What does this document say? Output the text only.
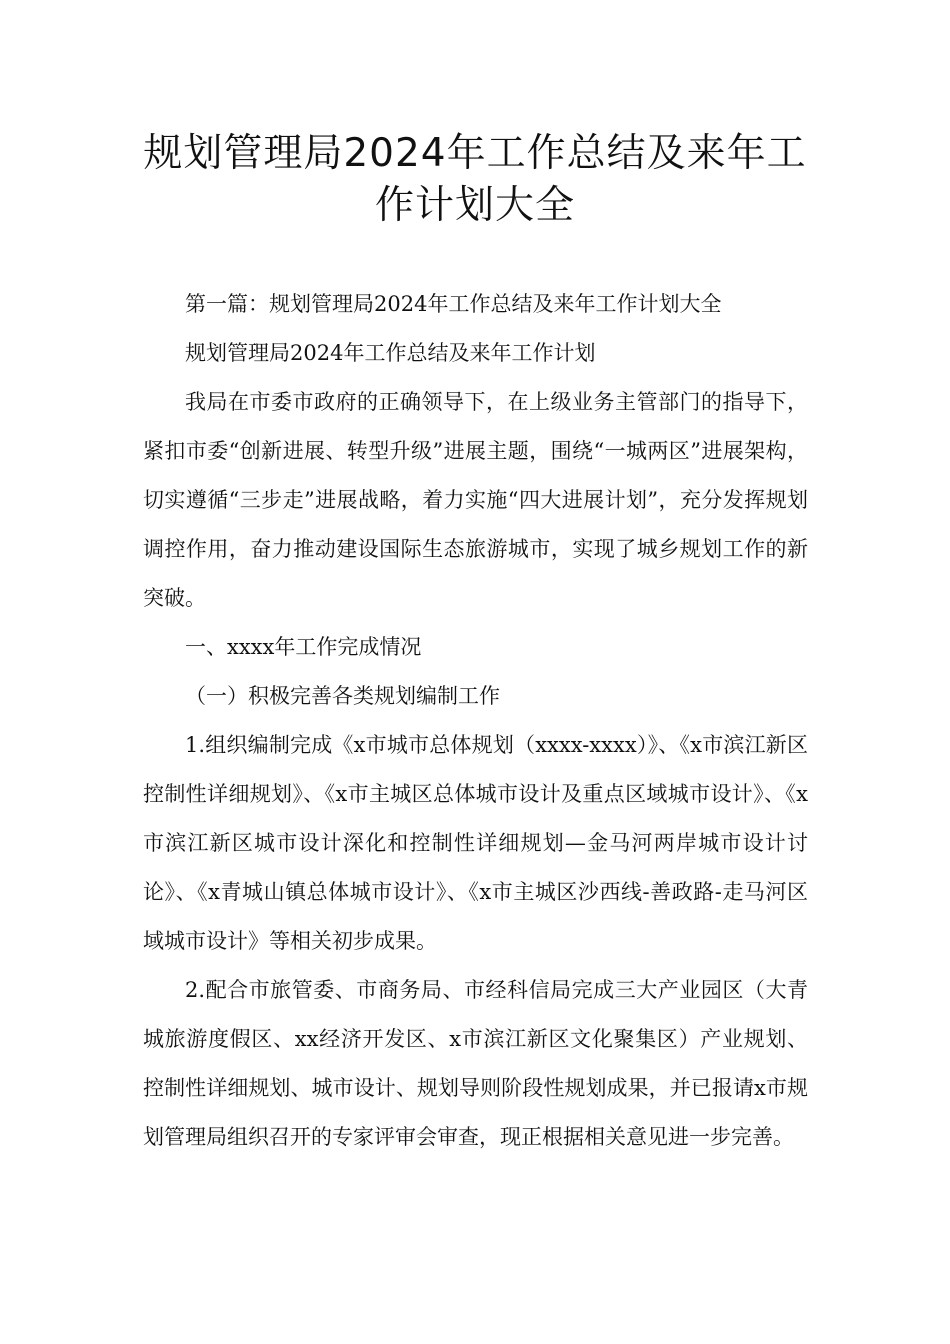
规划管理局2024年工作总结及来年工
作计划大全

第一篇：规划管理局2024年工作总结及来年工作计划大全

规划管理局2024年工作总结及来年工作计划

我局在市委市政府的正确领导下，在上级业务主管部门的指导下，紧扣市委“创新进展、转型升级”进展主题，围绕“一城两区”进展架构，切实遵循“三步走”进展战略，着力实施“四大进展计划”，充分发挥规划调控作用，奋力推动建设国际生态旅游城市，实现了城乡规划工作的新突破。

一、xxxx年工作完成情况

（一）积极完善各类规划编制工作

1.组织编制完成《x市城市总体规划（xxxx-xxxx）》、《x市滨江新区控制性详细规划》、《x市主城区总体城市设计及重点区域城市设计》、《x市滨江新区城市设计深化和控制性详细规划—金马河两岸城市设计讨论》、《x青城山镇总体城市设计》、《x市主城区沙西线-善政路-走马河区域城市设计》等相关初步成果。

2.配合市旅管委、市商务局、市经科信局完成三大产业园区（大青城旅游度假区、xx经济开发区、x市滨江新区文化聚集区）产业规划、控制性详细规划、城市设计、规划导则阶段性规划成果，并已报请x市规划管理局组织召开的专家评审会审查，现正根据相关意见进一步完善。
